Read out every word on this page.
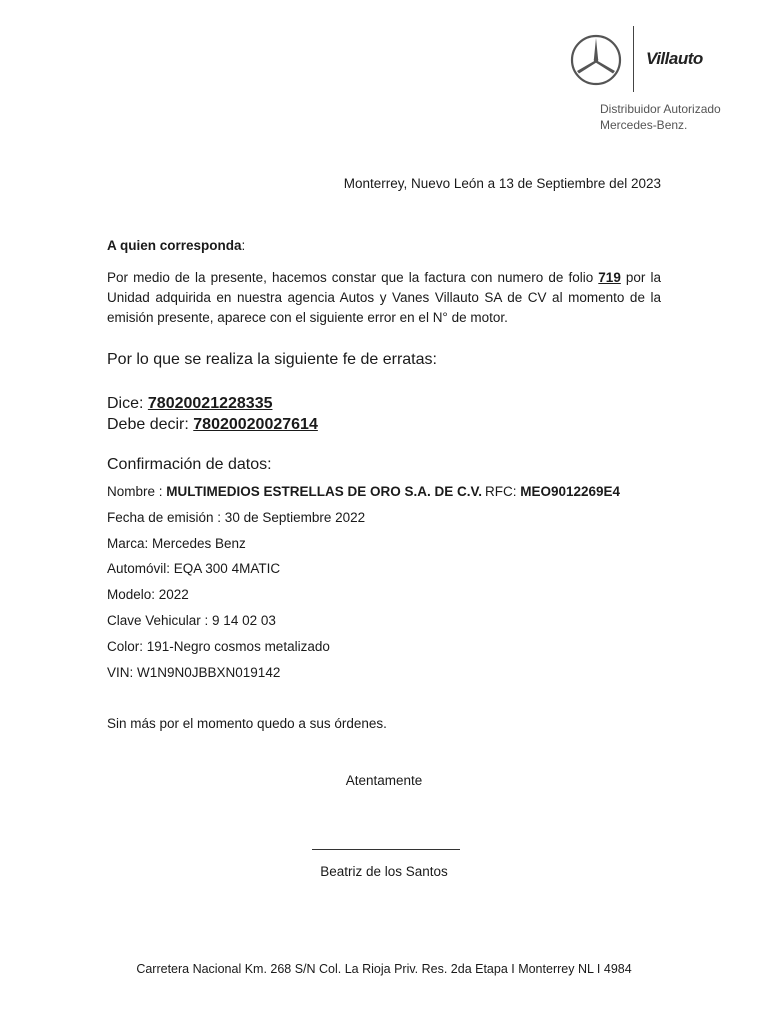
Villauto
Distribuidor Autorizado
Mercedes-Benz.
Monterrey, Nuevo León a 13 de Septiembre del 2023
A quien corresponda:
Por medio de la presente, hacemos constar que la factura con numero de folio 719 por la Unidad adquirida en nuestra agencia Autos y Vanes Villauto SA de CV al momento de la emisión presente, aparece con el siguiente error en el N° de motor.
Por lo que se realiza la siguiente fe de erratas:
Dice: 78020021228335
Debe decir: 78020020027614
Confirmación de datos:
Nombre : MULTIMEDIOS ESTRELLAS DE ORO S.A. DE C.V. RFC: MEO9012269E4
Fecha de emisión : 30 de Septiembre 2022
Marca: Mercedes Benz
Automóvil: EQA 300 4MATIC
Modelo: 2022
Clave Vehicular : 9 14 02 03
Color: 191-Negro cosmos metalizado
VIN: W1N9N0JBBXN019142
Sin más por el momento quedo a sus órdenes.
Atentamente
Beatriz de los Santos
Carretera Nacional Km. 268 S/N Col. La Rioja Priv. Res. 2da Etapa I Monterrey NL I 4984
